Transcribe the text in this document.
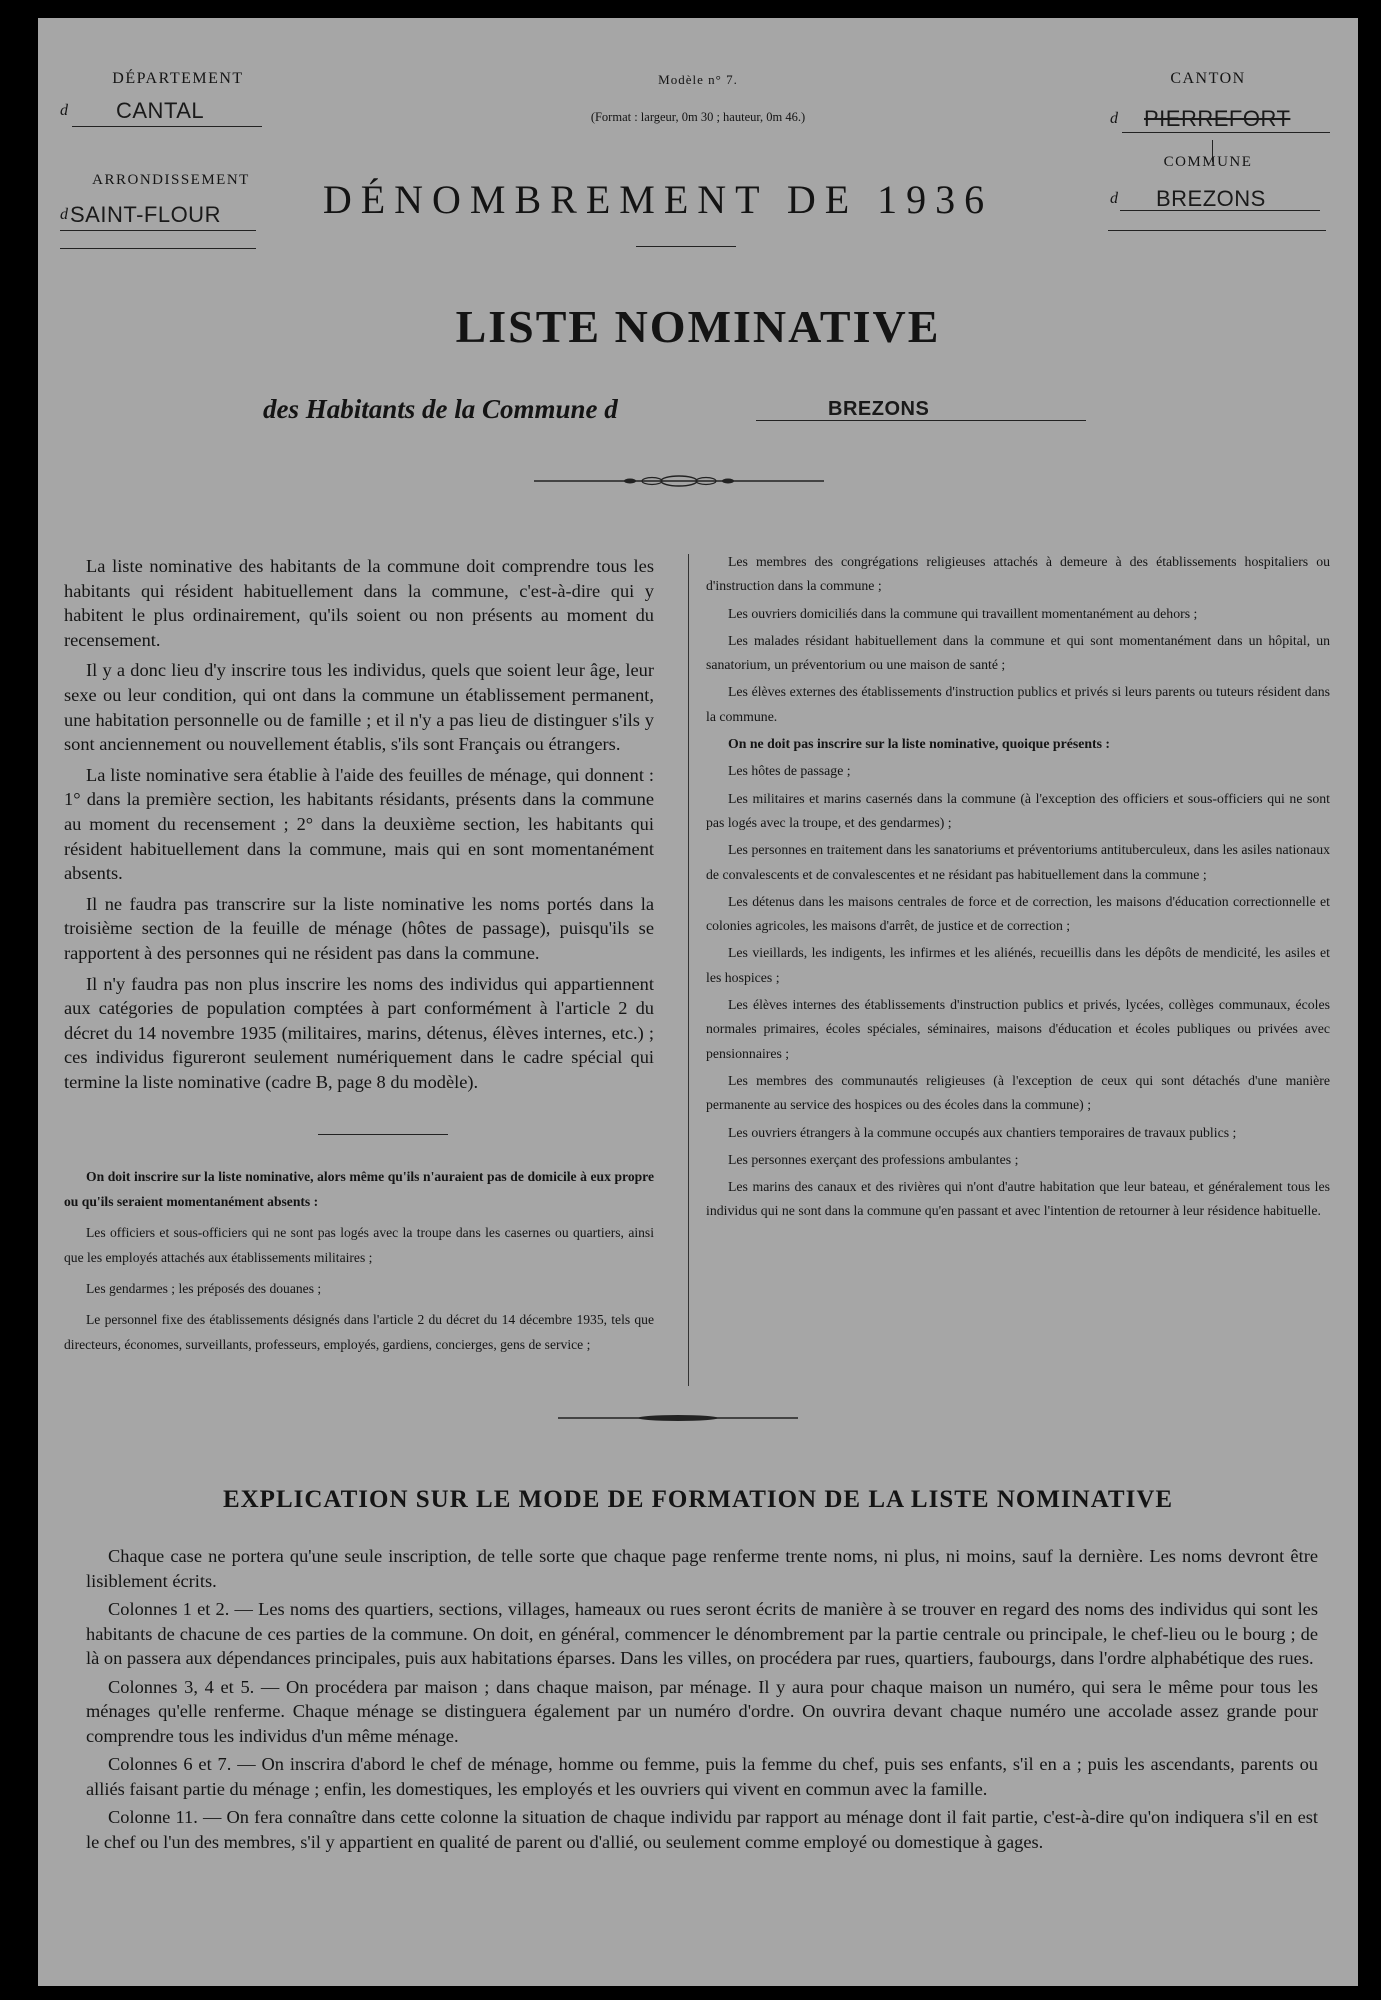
DÉPARTEMENT
d CANTAL
ARRONDISSEMENT
d SAINT-FLOUR
Modèle n° 7.
(Format : largeur, 0m 30 ; hauteur, 0m 46.)
DÉNOMBREMENT DE 1936
CANTON
d PIERREFORT
COMMUNE
d BREZONS
LISTE NOMINATIVE
des Habitants de la Commune d	BREZONS

La liste nominative des habitants de la commune doit comprendre tous les habitants qui résident habituellement dans la commune, c'est-à-dire qui y habitent le plus ordinairement, qu'ils soient ou non présents au moment du recensement.

Il y a donc lieu d'y inscrire tous les individus, quels que soient leur âge, leur sexe ou leur condition, qui ont dans la commune un établissement permanent, une habitation personnelle ou de famille ; et il n'y a pas lieu de distinguer s'ils y sont anciennement ou nouvellement établis, s'ils sont Français ou étrangers.

La liste nominative sera établie à l'aide des feuilles de ménage, qui donnent : 1° dans la première section, les habitants résidants, présents dans la commune au moment du recensement ; 2° dans la deuxième section, les habitants qui résident habituellement dans la commune, mais qui en sont momentanément absents.

Il ne faudra pas transcrire sur la liste nominative les noms portés dans la troisième section de la feuille de ménage (hôtes de passage), puisqu'ils se rapportent à des personnes qui ne résident pas dans la commune.

Il n'y faudra pas non plus inscrire les noms des individus qui appartiennent aux catégories de population comptées à part conformément à l'article 2 du décret du 14 novembre 1935 (militaires, marins, détenus, élèves internes, etc.) ; ces individus figureront seulement numériquement dans le cadre spécial qui termine la liste nominative (cadre B, page 8 du modèle).

On doit inscrire sur la liste nominative, alors même qu'ils n'auraient pas de domicile à eux propre ou qu'ils seraient momentanément absents :

Les officiers et sous-officiers qui ne sont pas logés avec la troupe dans les casernes ou quartiers, ainsi que les employés attachés aux établissements militaires ;

Les gendarmes ; les préposés des douanes ;

Le personnel fixe des établissements désignés dans l'article 2 du décret du 14 décembre 1935, tels que directeurs, économes, surveillants, professeurs, employés, gardiens, concierges, gens de service ;

Les membres des congrégations religieuses attachés à demeure à des établissements hospitaliers ou d'instruction dans la commune ;

Les ouvriers domiciliés dans la commune qui travaillent momentanément au dehors ;

Les malades résidant habituellement dans la commune et qui sont momentanément dans un hôpital, un sanatorium, un préventorium ou une maison de santé ;

Les élèves externes des établissements d'instruction publics et privés si leurs parents ou tuteurs résident dans la commune.

On ne doit pas inscrire sur la liste nominative, quoique présents :

Les hôtes de passage ;

Les militaires et marins casernés dans la commune (à l'exception des officiers et sous-officiers qui ne sont pas logés avec la troupe, et des gendarmes) ;

Les personnes en traitement dans les sanatoriums et préventoriums antituberculeux, dans les asiles nationaux de convalescents et de convalescentes et ne résidant pas habituellement dans la commune ;

Les détenus dans les maisons centrales de force et de correction, les maisons d'éducation correctionnelle et colonies agricoles, les maisons d'arrêt, de justice et de correction ;

Les vieillards, les indigents, les infirmes et les aliénés, recueillis dans les dépôts de mendicité, les asiles et les hospices ;

Les élèves internes des établissements d'instruction publics et privés, lycées, collèges communaux, écoles normales primaires, écoles spéciales, séminaires, maisons d'éducation et écoles publiques ou privées avec pensionnaires ;

Les membres des communautés religieuses (à l'exception de ceux qui sont détachés d'une manière permanente au service des hospices ou des écoles dans la commune) ;

Les ouvriers étrangers à la commune occupés aux chantiers temporaires de travaux publics ;

Les personnes exerçant des professions ambulantes ;

Les marins des canaux et des rivières qui n'ont d'autre habitation que leur bateau, et généralement tous les individus qui ne sont dans la commune qu'en passant et avec l'intention de retourner à leur résidence habituelle.

EXPLICATION SUR LE MODE DE FORMATION DE LA LISTE NOMINATIVE

Chaque case ne portera qu'une seule inscription, de telle sorte que chaque page renferme trente noms, ni plus, ni moins, sauf la dernière. Les noms devront être lisiblement écrits.

Colonnes 1 et 2. — Les noms des quartiers, sections, villages, hameaux ou rues seront écrits de manière à se trouver en regard des noms des individus qui sont les habitants de chacune de ces parties de la commune. On doit, en général, commencer le dénombrement par la partie centrale ou principale, le chef-lieu ou le bourg ; de là on passera aux dépendances principales, puis aux habitations éparses. Dans les villes, on procédera par rues, quartiers, faubourgs, dans l'ordre alphabétique des rues.

Colonnes 3, 4 et 5. — On procédera par maison ; dans chaque maison, par ménage. Il y aura pour chaque maison un numéro, qui sera le même pour tous les ménages qu'elle renferme. Chaque ménage se distinguera également par un numéro d'ordre. On ouvrira devant chaque numéro une accolade assez grande pour comprendre tous les individus d'un même ménage.

Colonnes 6 et 7. — On inscrira d'abord le chef de ménage, homme ou femme, puis la femme du chef, puis ses enfants, s'il en a ; puis les ascendants, parents ou alliés faisant partie du ménage ; enfin, les domestiques, les employés et les ouvriers qui vivent en commun avec la famille.

Colonne 11. — On fera connaître dans cette colonne la situation de chaque individu par rapport au ménage dont il fait partie, c'est-à-dire qu'on indiquera s'il en est le chef ou l'un des membres, s'il y appartient en qualité de parent ou d'allié, ou seulement comme employé ou domestique à gages.
